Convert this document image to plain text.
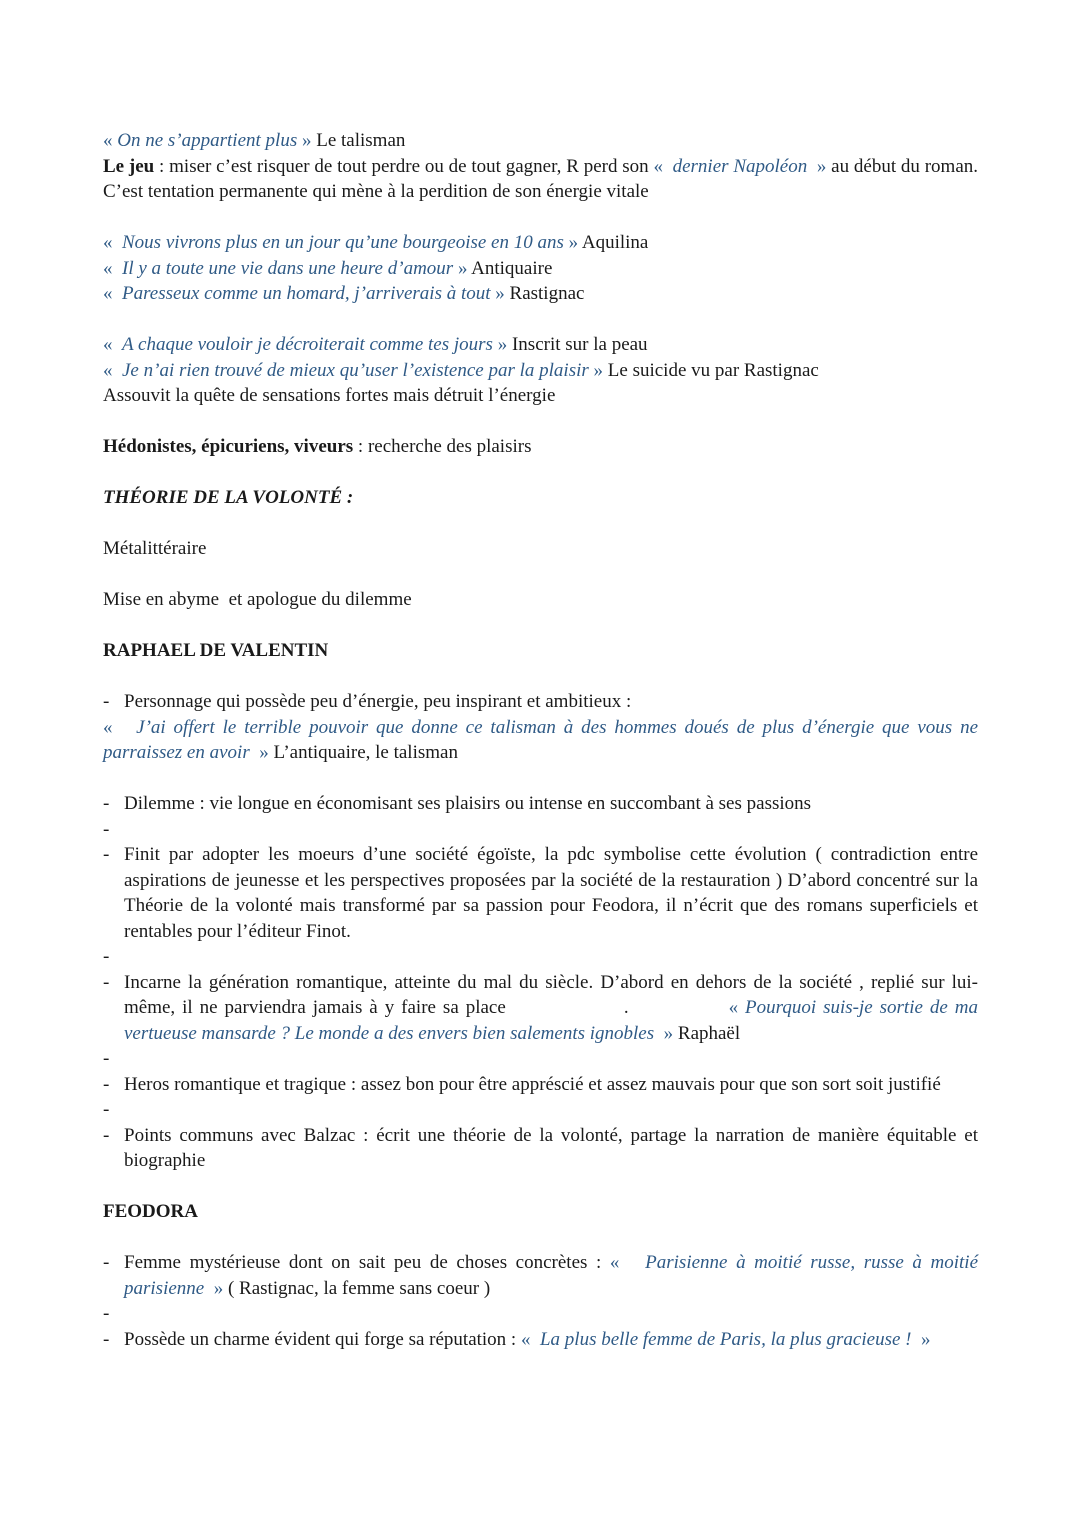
« On ne s’appartient plus » Le talisman

Le jeu : miser c’est risquer de tout perdre ou de tout gagner, R perd son « dernier Napoléon » au début du roman. C’est tentation permanente qui mène à la perdition de son énergie vitale

« Nous vivrons plus en un jour qu’une bourgeoise en 10 ans » Aquilina

« Il y a toute une vie dans une heure d’amour » Antiquaire

« Paresseux comme un homard, j’arriverais à tout » Rastignac

« A chaque vouloir je décroiterait comme tes jours » Inscrit sur la peau

« Je n’ai rien trouvé de mieux qu’user l’existence par la plaisir » Le suicide vu par Rastignac

Assouvit la quête de sensations fortes mais détruit l’énergie

Hédonistes, épicuriens, viveurs : recherche des plaisirs

THÉORIE DE LA VOLONTÉ :

Métalittéraire

Mise en abyme  et apologue du dilemme

RAPHAEL DE VALENTIN

- Personnage qui possède peu d’énergie, peu inspirant et ambitieux :

« J’ai offert le terrible pouvoir que donne ce talisman à des hommes doués de plus d’énergie que vous ne parraissez en avoir » L’antiquaire, le talisman

- Dilemme : vie longue en économisant ses plaisirs ou intense en succombant à ses passions
-
- Finit par adopter les moeurs d’une société égoïste, la pdc symbolise cette évolution ( contradiction entre aspirations de jeunesse et les perspectives proposées par la société de la restauration ) D’abord concentré sur la Théorie de la volonté mais transformé par sa passion pour Feodora, il n’écrit que des romans superficiels et rentables pour l’éditeur Finot.
-
- Incarne la génération romantique, atteinte du mal du siècle. D’abord en dehors de la société , replié sur lui-même, il ne parviendra jamais à y faire sa place	.	« Pourquoi suis-je sortie de ma vertueuse mansarde ? Le monde a des envers bien salements ignobles » Raphaël
-
- Heros romantique et tragique : assez bon pour être appréscié et assez mauvais pour que son sort soit justifié
-
- Points communs avec Balzac : écrit une théorie de la volonté, partage la narration de manière équitable et biographie

FEODORA

- Femme mystérieuse dont on sait peu de choses concrètes : « Parisienne à moitié russe, russe à moitié parisienne » ( Rastignac, la femme sans coeur )
-
- Possède un charme évident qui forge sa réputation : « La plus belle femme de Paris, la plus gracieuse ! »
